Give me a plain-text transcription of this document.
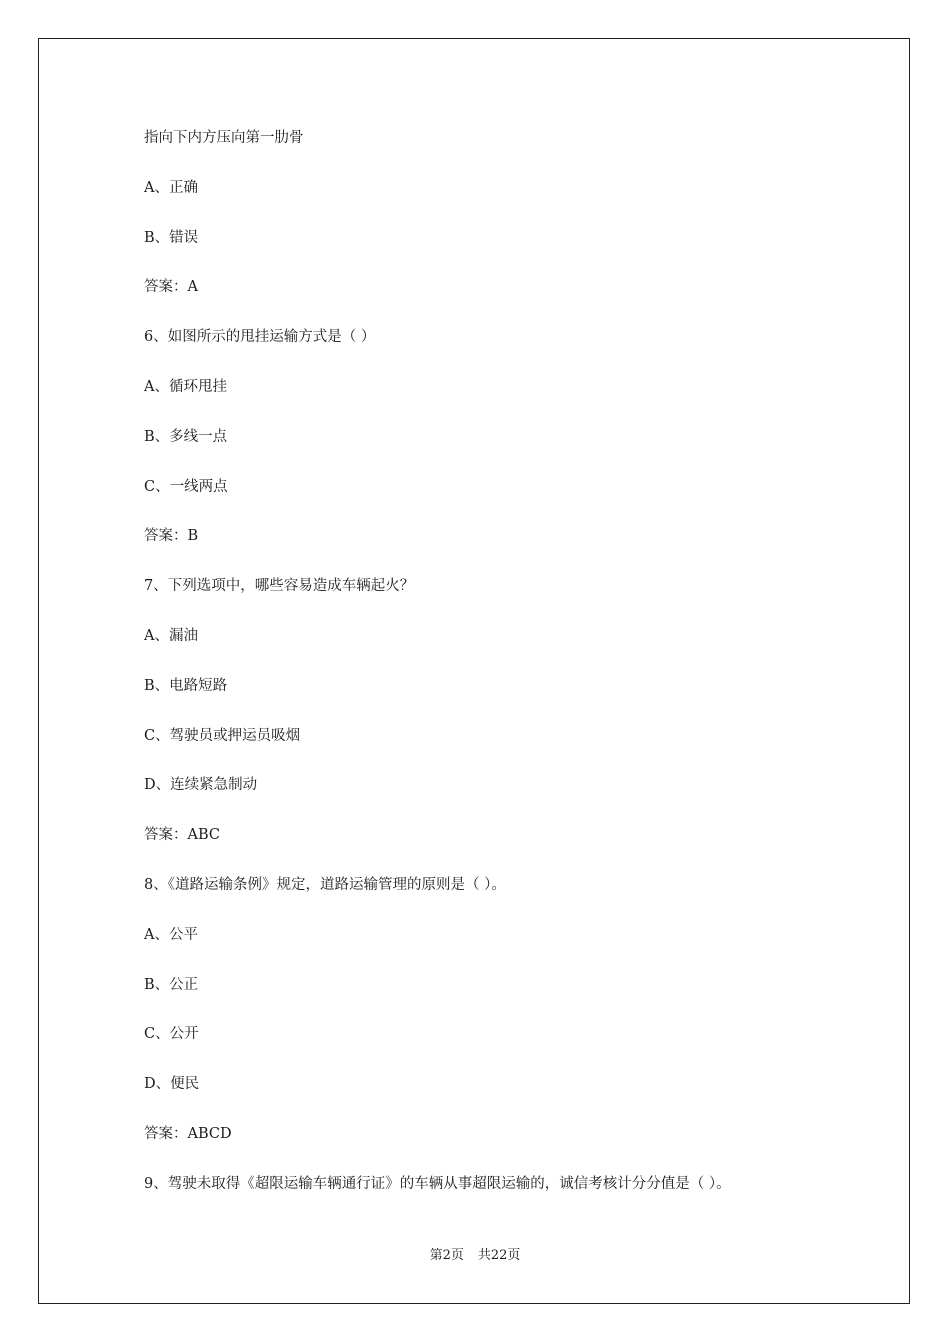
指向下内方压向第一肋骨
A、正确
B、错误
答案：A
6、如图所示的甩挂运输方式是（ ）
A、循环甩挂
B、多线一点
C、一线两点
答案：B
7、下列选项中，哪些容易造成车辆起火？
A、漏油
B、电路短路
C、驾驶员或押运员吸烟
D、连续紧急制动
答案：ABC
8、《道路运输条例》规定，道路运输管理的原则是（ ）。
A、公平
B、公正
C、公开
D、便民
答案：ABCD
9、驾驶未取得《超限运输车辆通行证》的车辆从事超限运输的，诚信考核计分分值是（ ）。
第2页 共22页
